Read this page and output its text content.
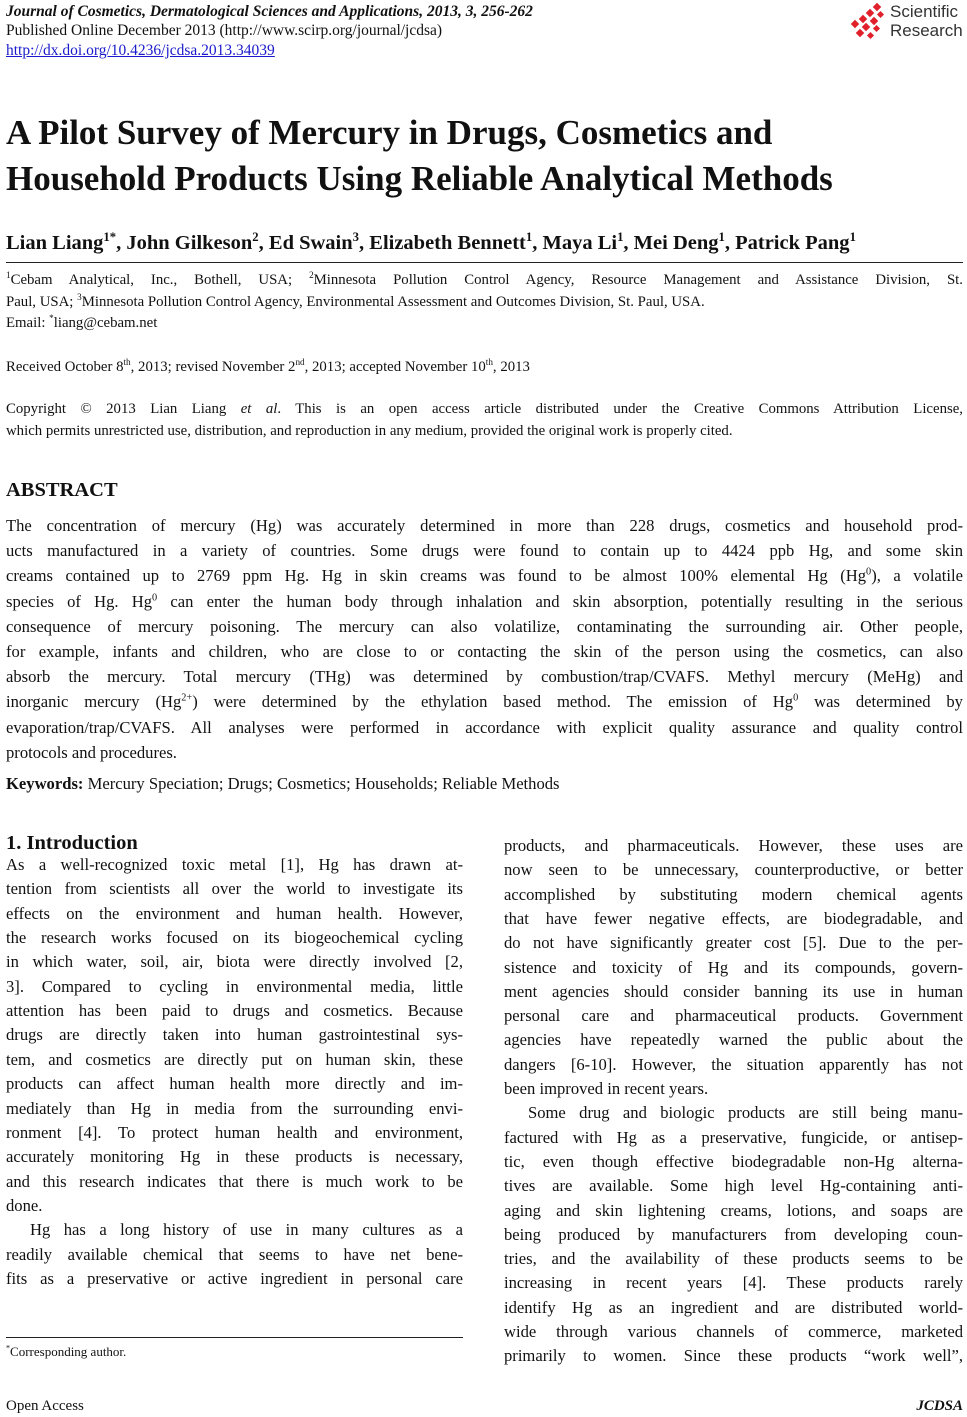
Journal of Cosmetics, Dermatological Sciences and Applications, 2013, 3, 256-262
Published Online December 2013 (http://www.scirp.org/journal/jcdsa)
http://dx.doi.org/10.4236/jcdsa.2013.34039
Scientific
Research
A Pilot Survey of Mercury in Drugs, Cosmetics and
Household Products Using Reliable Analytical Methods
Lian Liang$^{1*}$, John Gilkeson$^2$, Ed Swain$^3$, Elizabeth Bennett$^1$, Maya Li$^1$, Mei Deng$^1$, Patrick Pang$^1$
$^1$Cebam Analytical, Inc., Bothell, USA; $^2$Minnesota Pollution Control Agency, Resource Management and Assistance Division, St.
Paul, USA; $^3$Minnesota Pollution Control Agency, Environmental Assessment and Outcomes Division, St. Paul, USA.
Email: *liang@cebam.net
Received October 8th, 2013; revised November 2nd, 2013; accepted November 10th, 2013
Copyright © 2013 Lian Liang et al. This is an open access article distributed under the Creative Commons Attribution License,
which permits unrestricted use, distribution, and reproduction in any medium, provided the original work is properly cited.
ABSTRACT
The concentration of mercury (Hg) was accurately determined in more than 228 drugs, cosmetics and household prod-
ucts manufactured in a variety of countries. Some drugs were found to contain up to 4424 ppb Hg, and some skin
creams contained up to 2769 ppm Hg. Hg in skin creams was found to be almost 100% elemental Hg (Hg$^0$), a volatile
species of Hg. Hg$^0$ can enter the human body through inhalation and skin absorption, potentially resulting in the serious
consequence of mercury poisoning. The mercury can also volatilize, contaminating the surrounding air. Other people,
for example, infants and children, who are close to or contacting the skin of the person using the cosmetics, can also
absorb the mercury. Total mercury (THg) was determined by combustion/trap/CVAFS. Methyl mercury (MeHg) and
inorganic mercury $(Hg^{2+})$ were determined by the ethylation based method. The emission of Hg$^0$ was determined by
evaporation/trap/CVAFS. All analyses were performed in accordance with explicit quality assurance and quality control
protocols and procedures.
Keywords: Mercury Speciation; Drugs; Cosmetics; Households; Reliable Methods
1. Introduction
As a well-recognized toxic metal [1], Hg has drawn at-
tention from scientists all over the world to investigate its
effects on the environment and human health. However,
the research works focused on its biogeochemical cycling
in which water, soil, air, biota were directly involved [2,
3]. Compared to cycling in environmental media, little
attention has been paid to drugs and cosmetics. Because
drugs are directly taken into human gastrointestinal sys-
tem, and cosmetics are directly put on human skin, these
products can affect human health more directly and im-
mediately than Hg in media from the surrounding envi-
ronment [4]. To protect human health and environment,
accurately monitoring Hg in these products is necessary,
and this research indicates that there is much work to be
done.
Hg has a long history of use in many cultures as a
readily available chemical that seems to have net bene-
fits as a preservative or active ingredient in personal care
products, and pharmaceuticals. However, these uses are
now seen to be unnecessary, counterproductive, or better
accomplished by substituting modern chemical agents
that have fewer negative effects, are biodegradable, and
do not have significantly greater cost [5]. Due to the per-
sistence and toxicity of Hg and its compounds, govern-
ment agencies should consider banning its use in human
personal care and pharmaceutical products. Government
agencies have repeatedly warned the public about the
dangers [6-10]. However, the situation apparently has not
been improved in recent years.
Some drug and biologic products are still being manu-
factured with Hg as a preservative, fungicide, or antisep-
tic, even though effective biodegradable non-Hg alterna-
tives are available. Some high level Hg-containing anti-
aging and skin lightening creams, lotions, and soaps are
being produced by manufacturers from developing coun-
tries, and the availability of these products seems to be
increasing in recent years [4]. These products rarely
identify Hg as an ingredient and are distributed world-
wide through various channels of commerce, marketed
primarily to women. Since these products “work well”,
*Corresponding author.
Open Access	JCDSA
